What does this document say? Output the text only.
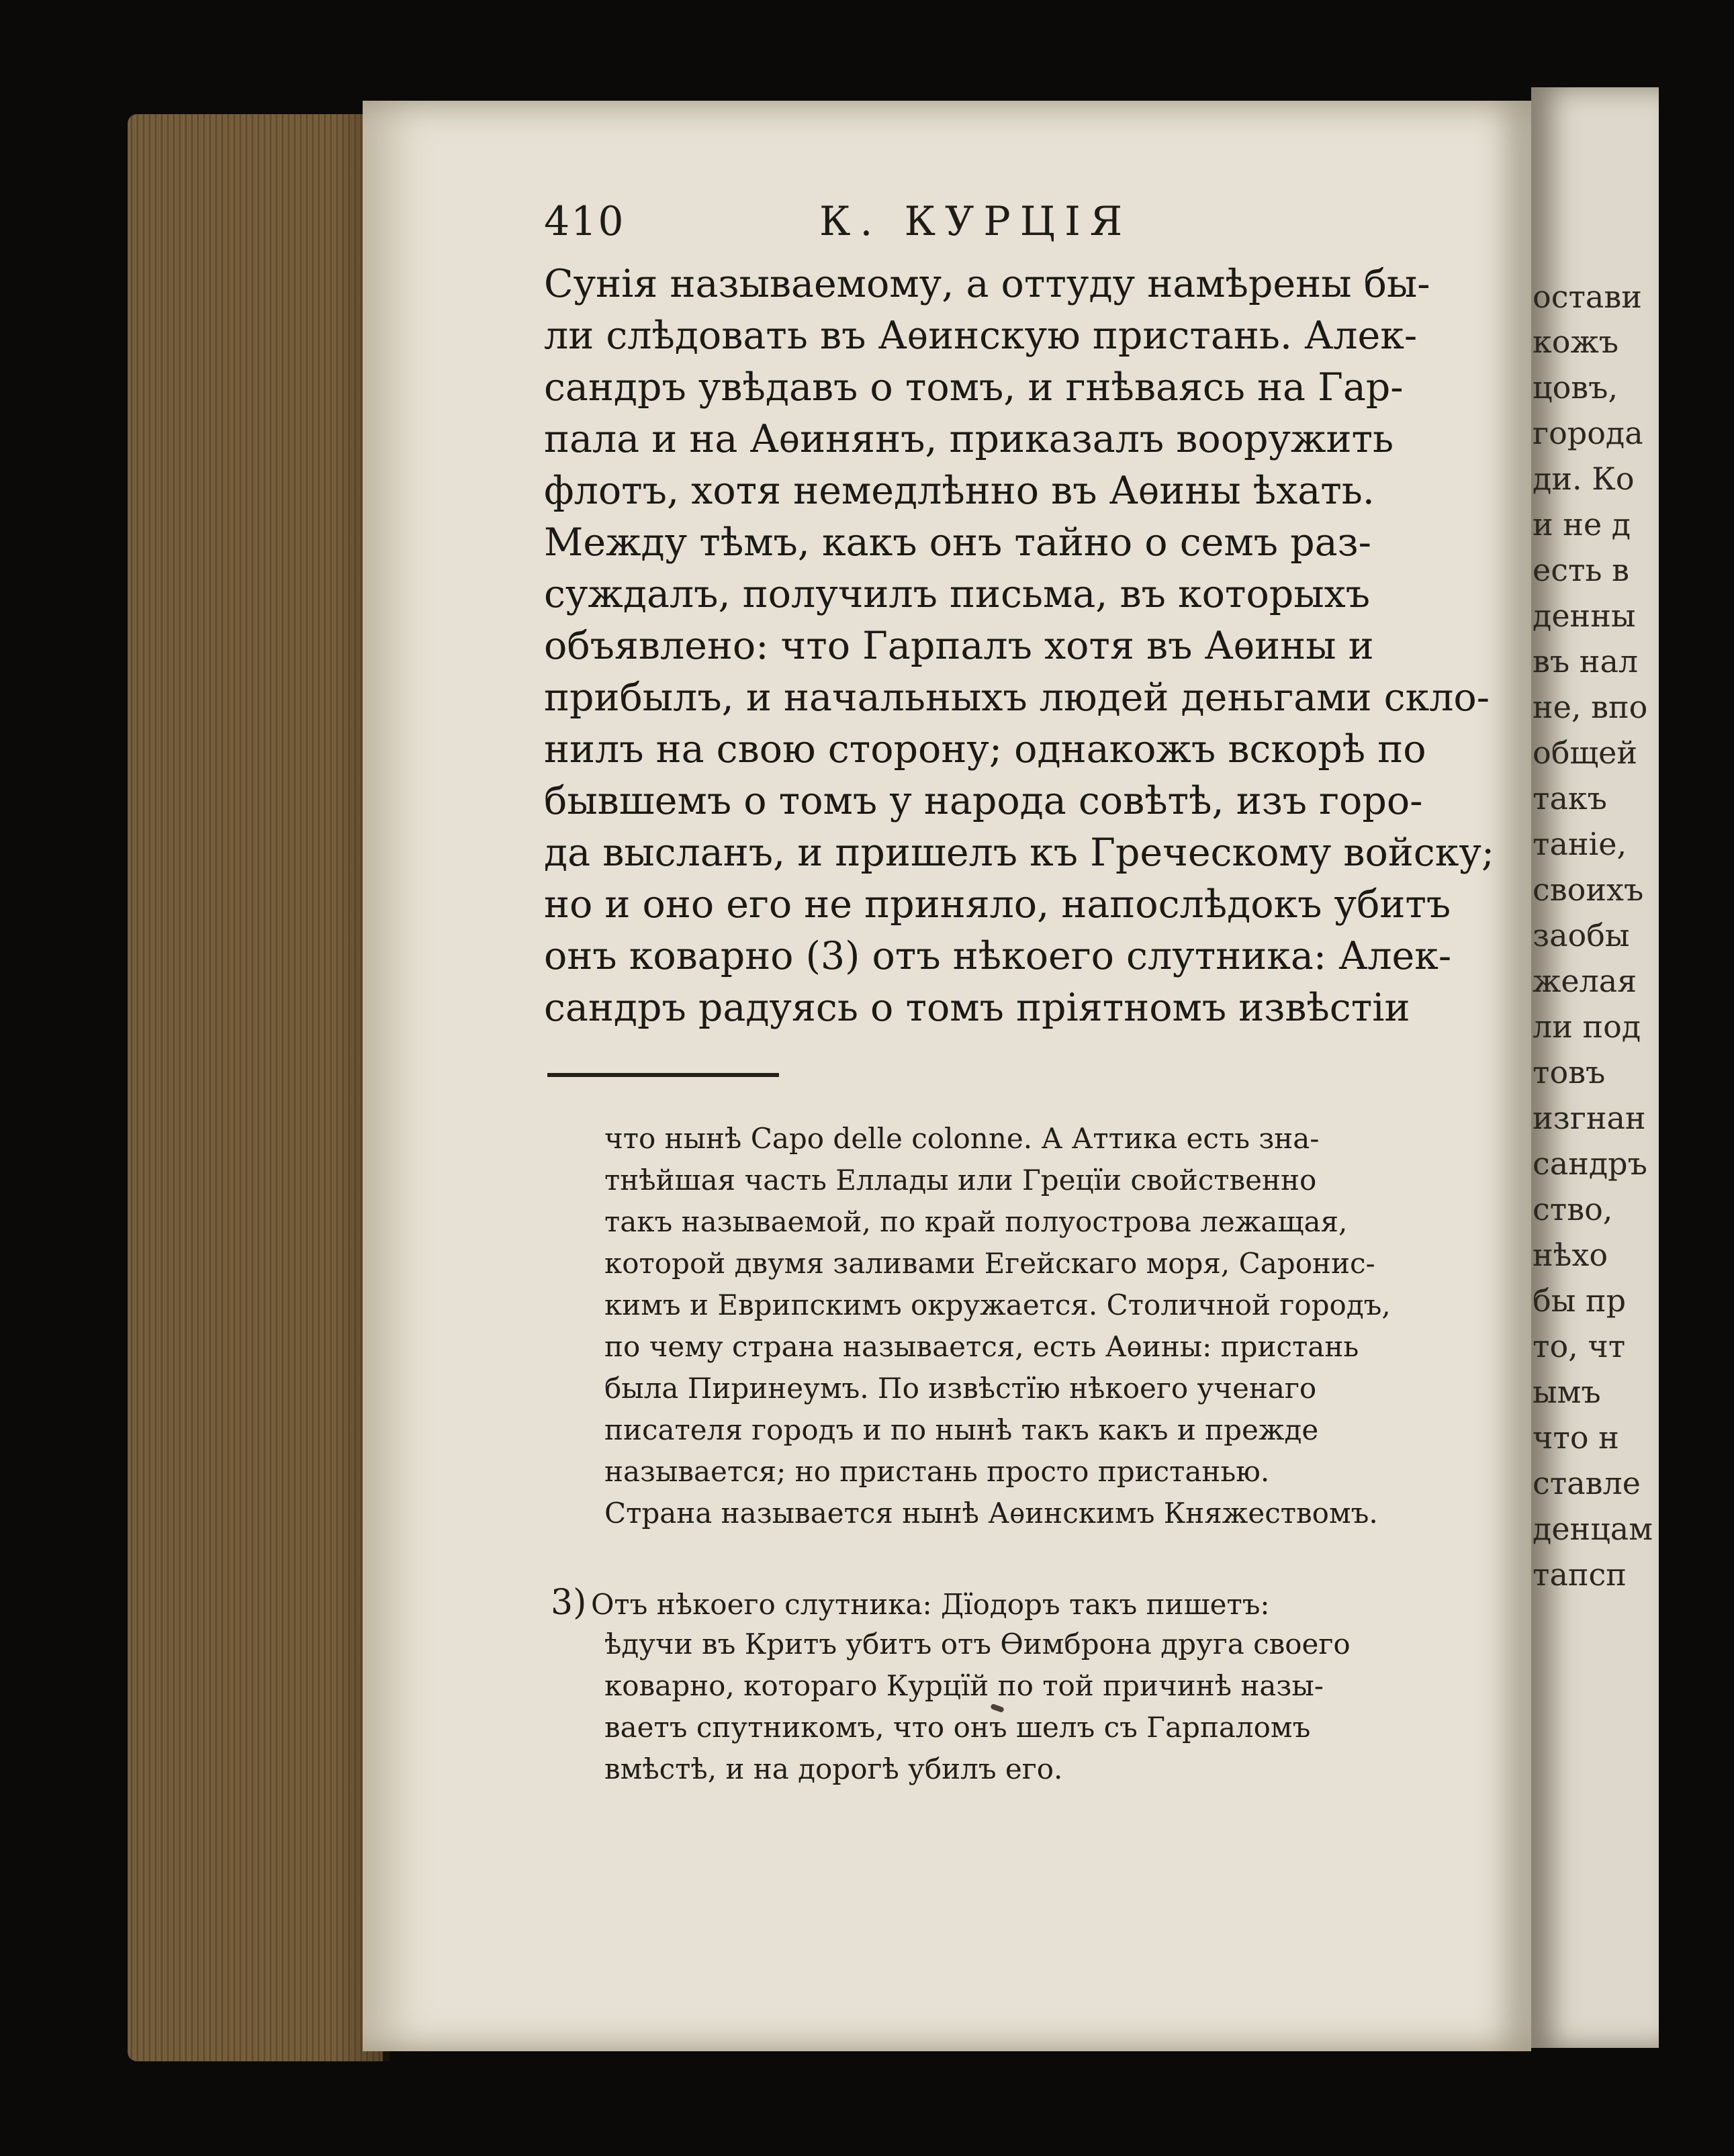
410	К. КУРЦІЯ
Сунія называемому, а оттуду намѣрены бы-
ли слѣдовать въ Аѳинскую пристань. Алек-
сандръ увѣдавъ о томъ, и гнѣваясь на Гар-
пала и на Аѳинянъ, приказалъ вооружить
флотъ, хотя немедлѣнно въ Аѳины ѣхать.
Между тѣмъ, какъ онъ тайно о семъ раз-
суждалъ, получилъ письма, въ которыхъ
объявлено: что Гарпалъ хотя въ Аѳины и
прибылъ, и начальныхъ людей деньгами скло-
нилъ на свою сторону; однакожъ вскорѣ по
бывшемъ о томъ у народа совѣтѣ, изъ горо-
да высланъ, и пришелъ къ Греческому войску;
но и оно его не приняло, напослѣдокъ убитъ
онъ коварно (3) отъ нѣкоего слутника: Алек-
сандръ радуясь о томъ пріятномъ извѣстіи
что нынѣ Capo delle colonne. А Аттика есть зна-
тнѣйшая часть Еллады или Грецїи свойственно
такъ называемой, по край полуострова лежащая,
которой двумя заливами Егейскаго моря, Саронис-
кимъ и Еврипскимъ окружается. Столичной городъ,
по чему страна называется, есть Аѳины: пристань
была Пиринеумъ. По извѣстїю нѣкоего ученаго
писателя городъ и по нынѣ такъ какъ и прежде
называется; но пристань просто пристанью.
Страна называется нынѣ Аѳинскимъ Княжествомъ.
3) Отъ нѣкоего слутника: Дїодоръ такъ пишетъ:
ѣдучи въ Критъ убитъ отъ Ѳимброна друга своего
коварно, котораго Курцїй по той причинѣ назы-
ваетъ спутникомъ, что онъ шелъ съ Гарпаломъ
вмѣстѣ, и на дорогѣ убилъ его.
остави
кожъ
цовъ,
города
ди. Ко
и не д
есть в
денны
въ нал
не, впо
общей
такъ
таніе,
своихъ
заобы
желая
ли под
товъ
изгнан
сандръ
ство,
нѣхо
бы пр
то, чт
ымъ
что н
ставле
денцам
тапсп
